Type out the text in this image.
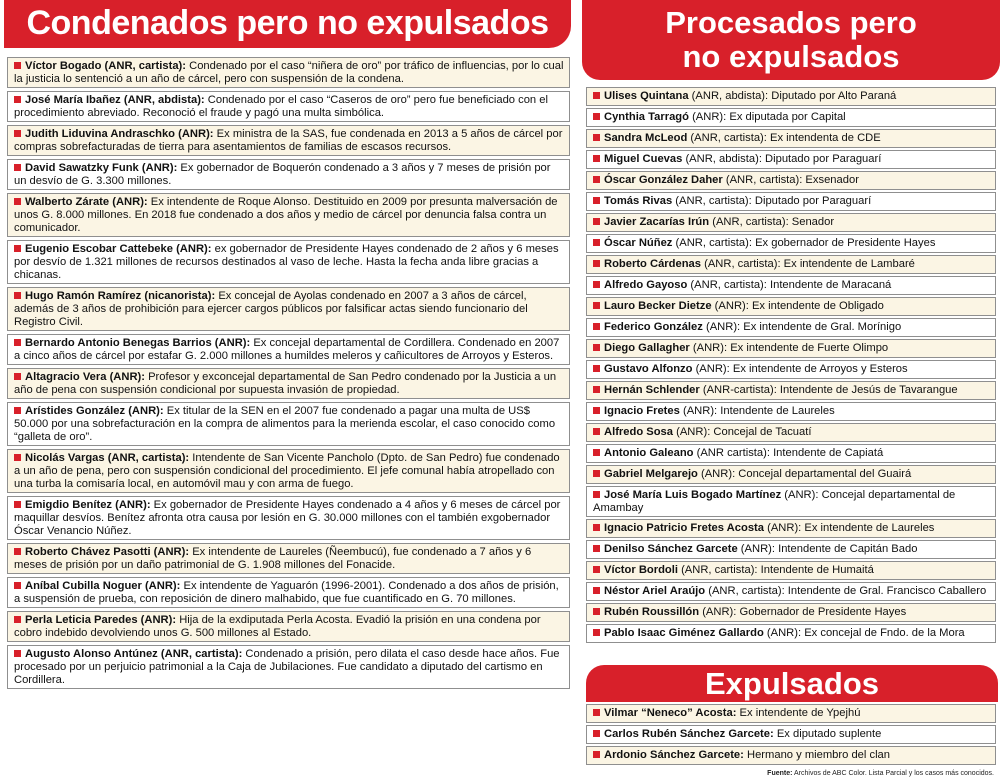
Condenados pero no expulsados
Víctor Bogado (ANR, cartista): Condenado por el caso “niñera de oro” por tráfico de influencias, por lo cual la justicia lo sentenció a un año de cárcel, pero con suspensión de la condena.
José María Ibañez (ANR, abdista): Condenado por el caso “Caseros de oro” pero fue beneficiado con el procedimiento abreviado. Reconoció el fraude y pagó una multa simbólica.
Judith Liduvina Andraschko (ANR): Ex ministra de la SAS, fue condenada en 2013 a 5 años de cárcel por compras sobrefacturadas de tierra para asentamientos de familias de escasos recursos.
David Sawatzky Funk (ANR): Ex gobernador de Boquerón condenado a 3 años y 7 meses de prisión por un desvío de G. 3.300 millones.
Walberto Zárate (ANR): Ex intendente de Roque Alonso. Destituido en 2009 por presunta malversación de unos G. 8.000 millones. En 2018 fue condenado a dos años y medio de cárcel por denuncia falsa contra un comunicador.
Eugenio Escobar Cattebeke (ANR): ex gobernador de Presidente Hayes condenado de 2 años y 6 meses por desvío de 1.321 millones de recursos destinados al vaso de leche. Hasta la fecha anda libre gracias a chicanas.
Hugo Ramón Ramírez (nicanorista): Ex concejal de Ayolas condenado en 2007 a 3 años de cárcel, además de 3 años de prohibición para ejercer cargos públicos por falsificar actas siendo funcionario del Registro Civil.
Bernardo Antonio Benegas Barrios (ANR): Ex concejal departamental de Cordillera. Condenado en 2007 a cinco años de cárcel por estafar G. 2.000 millones a humildes meleros y cañicultores de Arroyos y Esteros.
Altagracio Vera (ANR): Profesor y exconcejal departamental de San Pedro condenado por la Justicia a un año de pena con suspensión condicional por supuesta invasión de propiedad.
Arístides González (ANR): Ex titular de la SEN en el 2007 fue condenado a pagar una multa de US$ 50.000 por una sobrefacturación en la compra de alimentos para la merienda escolar, el caso conocido como “galleta de oro”.
Nicolás Vargas (ANR, cartista): Intendente de San Vicente Pancholo (Dpto. de San Pedro) fue condenado a un año de pena, pero con suspensión condicional del procedimiento. El jefe comunal había atropellado con una turba la comisaría local, en automóvil mau y con arma de fuego.
Emigdio Benítez (ANR): Ex gobernador de Presidente Hayes condenado a 4 años y 6 meses de cárcel por maquillar desvíos. Benítez afronta otra causa por lesión en G. 30.000 millones con el también exgobernador Óscar Venancio Núñez.
Roberto Chávez Pasotti (ANR): Ex intendente de Laureles (Ñeembucú), fue condenado a 7 años y 6 meses de prisión por un daño patrimonial de G. 1.908 millones del Fonacide.
Aníbal Cubilla Noguer (ANR): Ex intendente de Yaguarón (1996-2001). Condenado a dos años de prisión, a suspensión de prueba, con reposición de dinero malhabido, que fue cuantificado en G. 70 millones.
Perla Leticia Paredes (ANR): Hija de la exdiputada Perla Acosta. Evadió la prisión en una condena por cobro indebido devolviendo unos G. 500 millones al Estado.
Augusto Alonso Antúnez (ANR, cartista): Condenado a prisión, pero dilata el caso desde hace años. Fue procesado por un perjuicio patrimonial a la Caja de Jubilaciones. Fue candidato a diputado del cartismo en Cordillera.
Procesados pero
no expulsados
Ulises Quintana (ANR, abdista): Diputado por Alto Paraná
Cynthia Tarragó (ANR): Ex diputada por Capital
Sandra McLeod (ANR, cartista): Ex intendenta de CDE
Miguel Cuevas (ANR, abdista): Diputado por Paraguarí
Óscar González Daher (ANR, cartista): Exsenador
Tomás Rivas (ANR, cartista): Diputado por Paraguarí
Javier Zacarías Irún (ANR, cartista): Senador
Óscar Núñez (ANR, cartista): Ex gobernador de Presidente Hayes
Roberto Cárdenas (ANR, cartista): Ex intendente de Lambaré
Alfredo Gayoso (ANR, cartista): Intendente de Maracaná
Lauro Becker Dietze (ANR): Ex intendente de Obligado
Federico González (ANR): Ex intendente de Gral. Morínigo
Diego Gallagher (ANR): Ex intendente de Fuerte Olimpo
Gustavo Alfonzo (ANR): Ex intendente de Arroyos y Esteros
Hernán Schlender (ANR-cartista): Intendente de Jesús de Tavarangue
Ignacio Fretes (ANR): Intendente de Laureles
Alfredo Sosa (ANR): Concejal de Tacuatí
Antonio Galeano (ANR cartista): Intendente de Capiatá
Gabriel Melgarejo (ANR): Concejal departamental del Guairá
José María Luis Bogado Martínez (ANR): Concejal departamental de Amambay
Ignacio Patricio Fretes Acosta (ANR): Ex intendente de Laureles
Denilso Sánchez Garcete (ANR): Intendente de Capitán Bado
Víctor Bordoli (ANR, cartista): Intendente de Humaitá
Néstor Ariel Araújo (ANR, cartista): Intendente de Gral. Francisco Caballero
Rubén Roussillón (ANR): Gobernador de Presidente Hayes
Pablo Isaac Giménez Gallardo (ANR): Ex concejal de Fndo. de la Mora
Expulsados
Vilmar “Neneco” Acosta: Ex intendente de Ypejhú
Carlos Rubén Sánchez Garcete: Ex diputado suplente
Ardonio Sánchez Garcete: Hermano y miembro del clan
Fuente: Archivos de ABC Color. Lista Parcial y los casos más conocidos.
